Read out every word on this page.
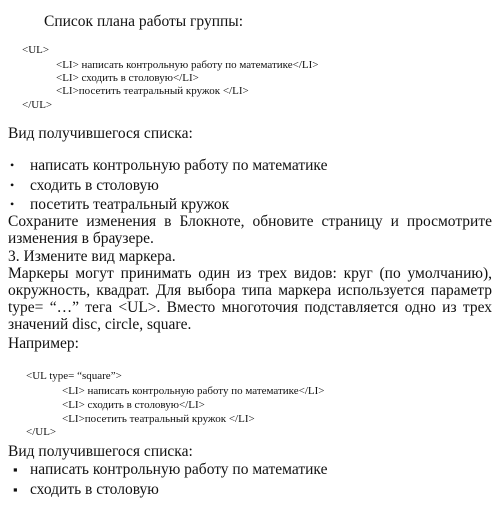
Список плана работы группы:
<UL>
<LI> написать контрольную работу по математике</LI>
<LI> сходить в столовую</LI>
<LI>посетить театральный кружок </LI>
</UL>
Вид получившегося списка:
• написать контрольную работу по математике
• сходить в столовую
• посетить театральный кружок
Сохраните изменения в Блокноте, обновите страницу и просмотрите изменения в браузере.
3. Измените вид маркера.
Маркеры могут принимать один из трех видов: круг (по умолчанию), окружность, квадрат. Для выбора типа маркера используется параметр type= “…” тега <UL>. Вместо многоточия подставляется одно из трех значений disc, circle, square.
Например:
<UL type= “square”>
<LI> написать контрольную работу по математике</LI>
<LI> сходить в столовую</LI>
<LI>посетить театральный кружок </LI>
</UL>
Вид получившегося списка:
▪ написать контрольную работу по математике
▪ сходить в столовую
